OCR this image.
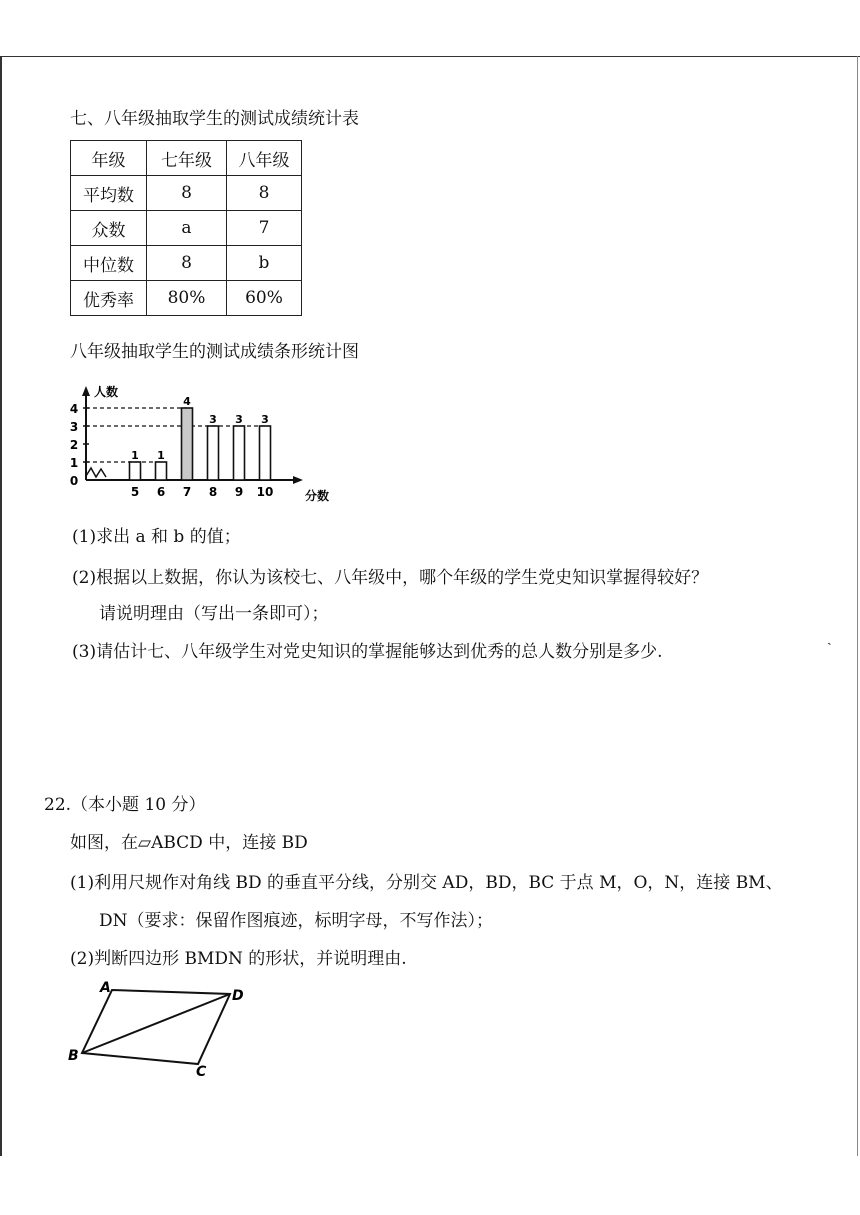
七、八年级抽取学生的测试成绩统计表
年级	七年级	八年级
平均数	8	8
众数	a	7
中位数	8	b
优秀率	80%	60%
八年级抽取学生的测试成绩条形统计图
0
1
2
3
4
人数
分数
5
1
6
1
7
4
8
3
9
3
10
3
(1)求出 a 和 b 的值；
(2)根据以上数据，你认为该校七、八年级中，哪个年级的学生党史知识掌握得较好？
请说明理由（写出一条即可）；
(3)请估计七、八年级学生对党史知识的掌握能够达到优秀的总人数分别是多少.
ˎ
22.（本小题 10 分）
如图，在▱ABCD 中，连接 BD
(1)利用尺规作对角线 BD 的垂直平分线，分别交 AD，BD，BC 于点 M，O，N，连接 BM、
DN（要求：保留作图痕迹，标明字母，不写作法）；
(2)判断四边形 BMDN 的形状，并说明理由.
A	D
B
C
